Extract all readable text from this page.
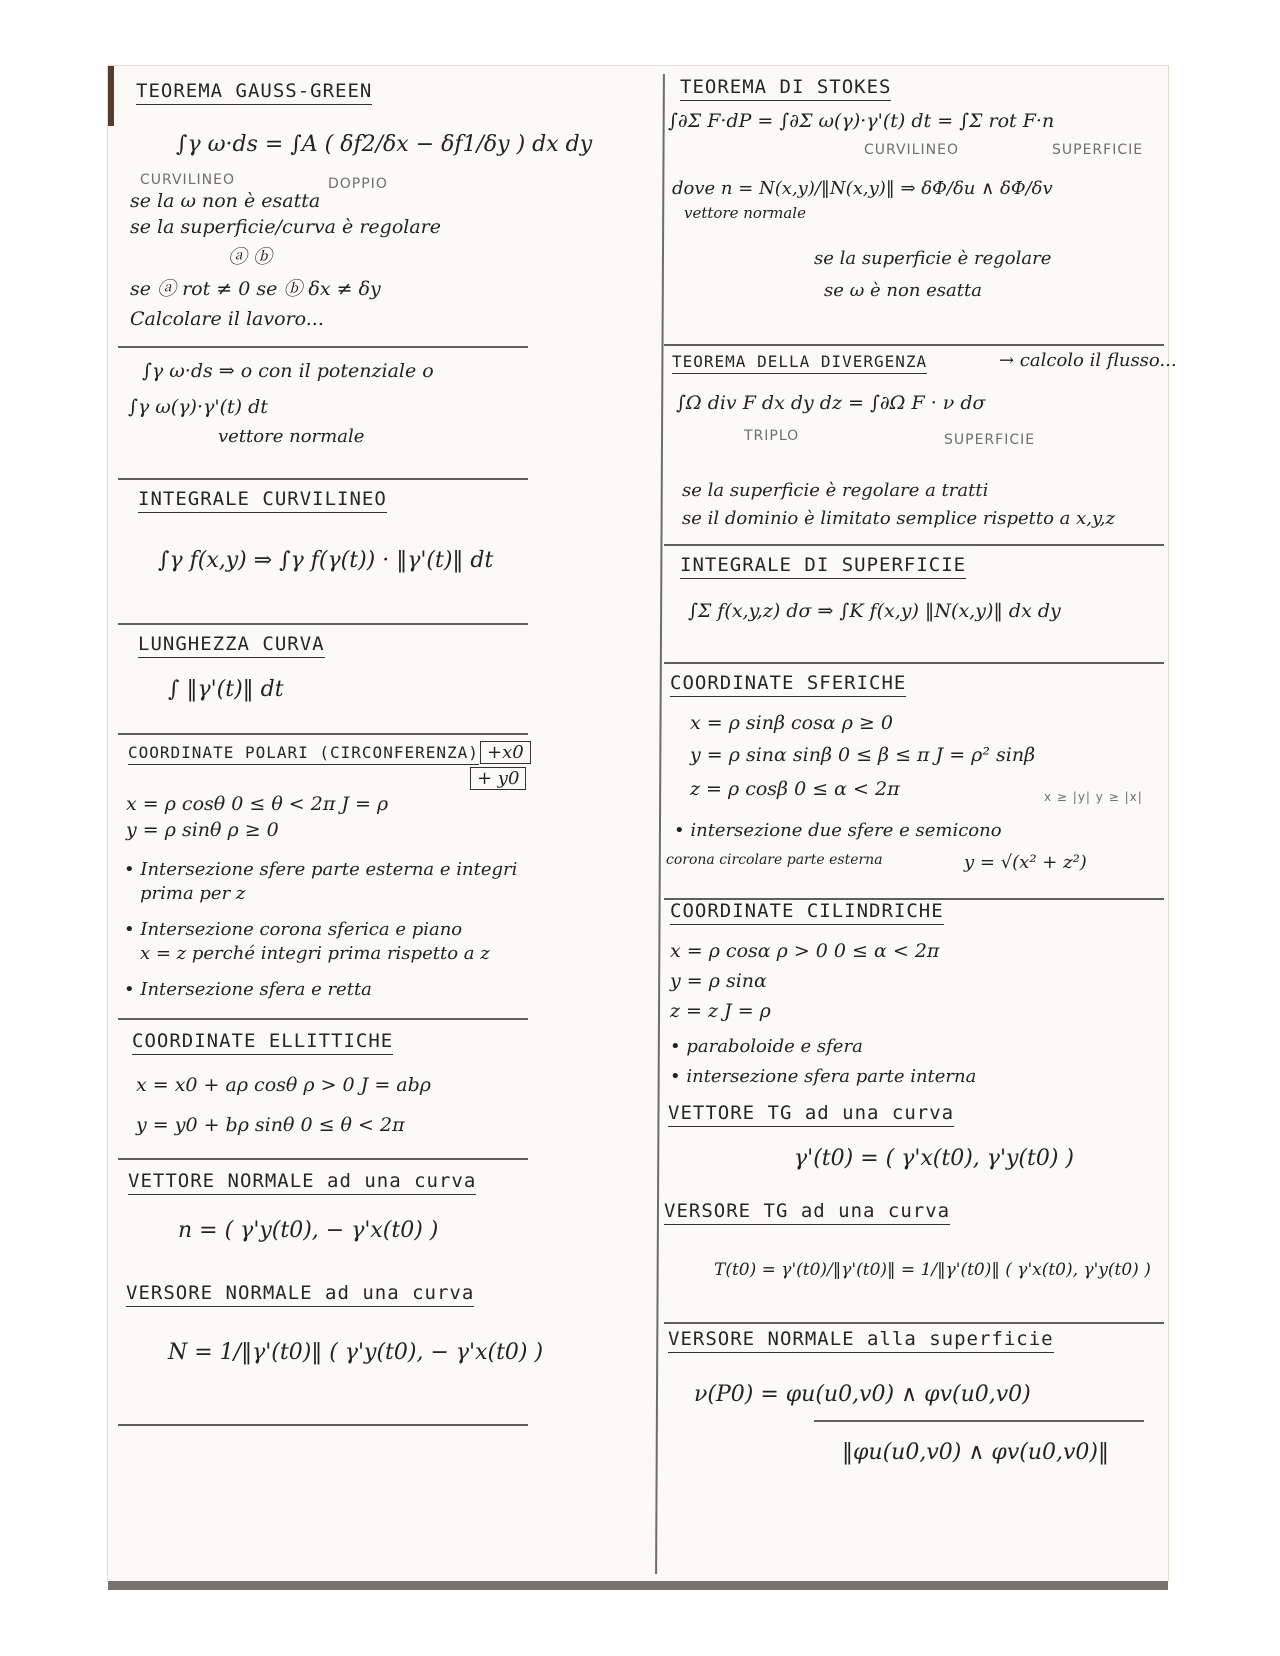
TEOREMA GAUSS-GREEN
∫γ ω·ds = ∫A ( δf2/δx − δf1/δy ) dx dy
CURVILINEO	DOPPIO
se la ω non è esatta
se la superficie/curva è regolare
ⓐ ⓑ
se ⓐ rot ≠ 0 se ⓑ δx ≠ δy
Calcolare il lavoro...
∫γ ω·ds ⇒ o con il potenziale o
∫γ ω(γ)·γ'(t) dt
vettore normale
INTEGRALE CURVILINEO
∫γ f(x,y) ⇒ ∫γ f(γ(t)) · ‖γ'(t)‖ dt
LUNGHEZZA CURVA
∫ ‖γ'(t)‖ dt
COORDINATE POLARI (CIRCONFERENZA) +x0
+ y0
x = ρ cosθ 0 ≤ θ < 2π J = ρ
y = ρ sinθ ρ ≥ 0
• Intersezione sfere parte esterna e integri
prima per z
• Intersezione corona sferica e piano
x = z perché integri prima rispetto a z
• Intersezione sfera e retta
COORDINATE ELLITTICHE
x = x0 + aρ cosθ ρ > 0 J = abρ
y = y0 + bρ sinθ 0 ≤ θ < 2π
VETTORE NORMALE ad una curva
n = ( γ'y(t0), − γ'x(t0) )
VERSORE NORMALE ad una curva
N = 1/‖γ'(t0)‖ ( γ'y(t0), − γ'x(t0) )
TEOREMA DI STOKES
∫∂Σ F·dP = ∫∂Σ ω(γ)·γ'(t) dt = ∫Σ rot F·n
CURVILINEO	SUPERFICIE
dove n = N(x,y)/‖N(x,y)‖ ⇒ δΦ/δu ∧ δΦ/δv
vettore normale
se la superficie è regolare
se ω è non esatta
TEOREMA DELLA DIVERGENZA	→ calcolo il flusso...
∫Ω div F dx dy dz = ∫∂Ω F · ν dσ
TRIPLO	SUPERFICIE
se la superficie è regolare a tratti
se il dominio è limitato semplice rispetto a x,y,z
INTEGRALE DI SUPERFICIE
∫Σ f(x,y,z) dσ ⇒ ∫K f(x,y) ‖N(x,y)‖ dx dy
COORDINATE SFERICHE
x = ρ sinβ cosα ρ ≥ 0
y = ρ sinα sinβ 0 ≤ β ≤ π J = ρ² sinβ
z = ρ cosβ 0 ≤ α < 2π	x ≥ |y| y ≥ |x|
• intersezione due sfere e semicono
corona circolare parte esterna	y = √(x² + z²)
COORDINATE CILINDRICHE
x = ρ cosα ρ > 0 0 ≤ α < 2π
y = ρ sinα
z = z J = ρ
• paraboloide e sfera
• intersezione sfera parte interna
VETTORE TG ad una curva
γ'(t0) = ( γ'x(t0), γ'y(t0) )
VERSORE TG ad una curva
T(t0) = γ'(t0)/‖γ'(t0)‖ = 1/‖γ'(t0)‖ ( γ'x(t0), γ'y(t0) )
VERSORE NORMALE alla superficie
ν(P0) = φu(u0,v0) ∧ φv(u0,v0)
‖φu(u0,v0) ∧ φv(u0,v0)‖
